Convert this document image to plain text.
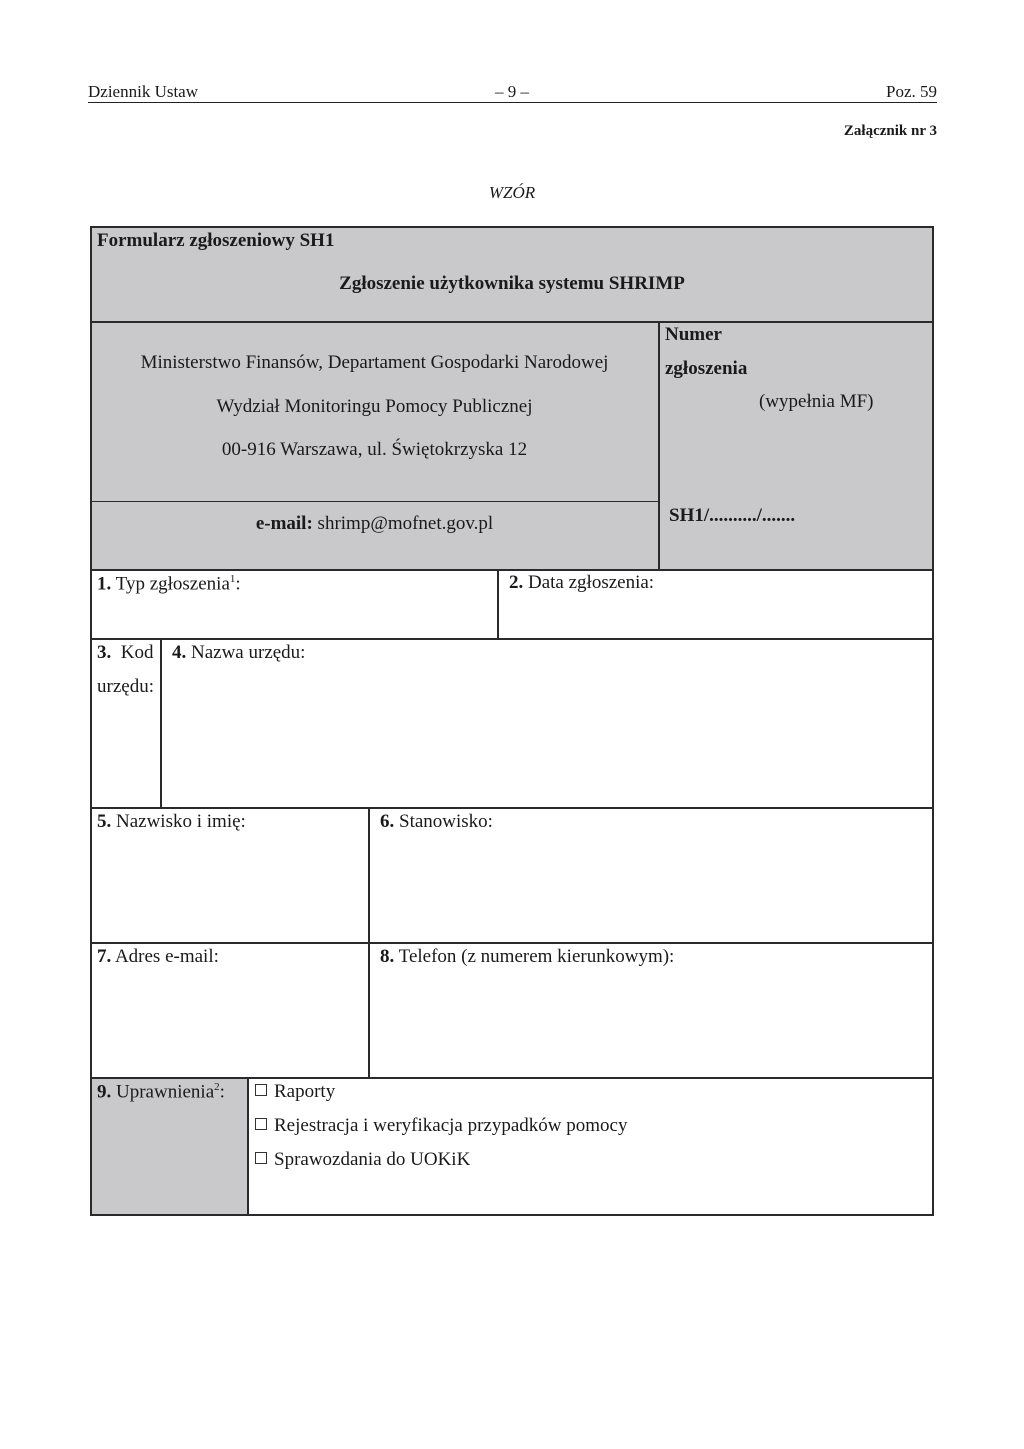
Dziennik Ustaw	– 9 –	Poz. 59
Załącznik nr 3
WZÓR
Formularz zgłoszeniowy SH1
Zgłoszenie użytkownika systemu SHRIMP
Ministerstwo Finansów, Departament Gospodarki Narodowej
Wydział Monitoringu Pomocy Publicznej
00-916 Warszawa, ul. Świętokrzyska 12
e-mail: shrimp@mofnet.gov.pl
Numer
zgłoszenia
(wypełnia MF)
SH1/........../.......
1. Typ zgłoszenia$^1$:	2. Data zgłoszenia:
3. Kod
urzędu:
4. Nazwa urzędu:
5. Nazwisko i imię:	6. Stanowisko:
7. Adres e-mail:	8. Telefon (z numerem kierunkowym):
9. Uprawnienia$^2$:	Raporty
Rejestracja i weryfikacja przypadków pomocy
Sprawozdania do UOKiK
